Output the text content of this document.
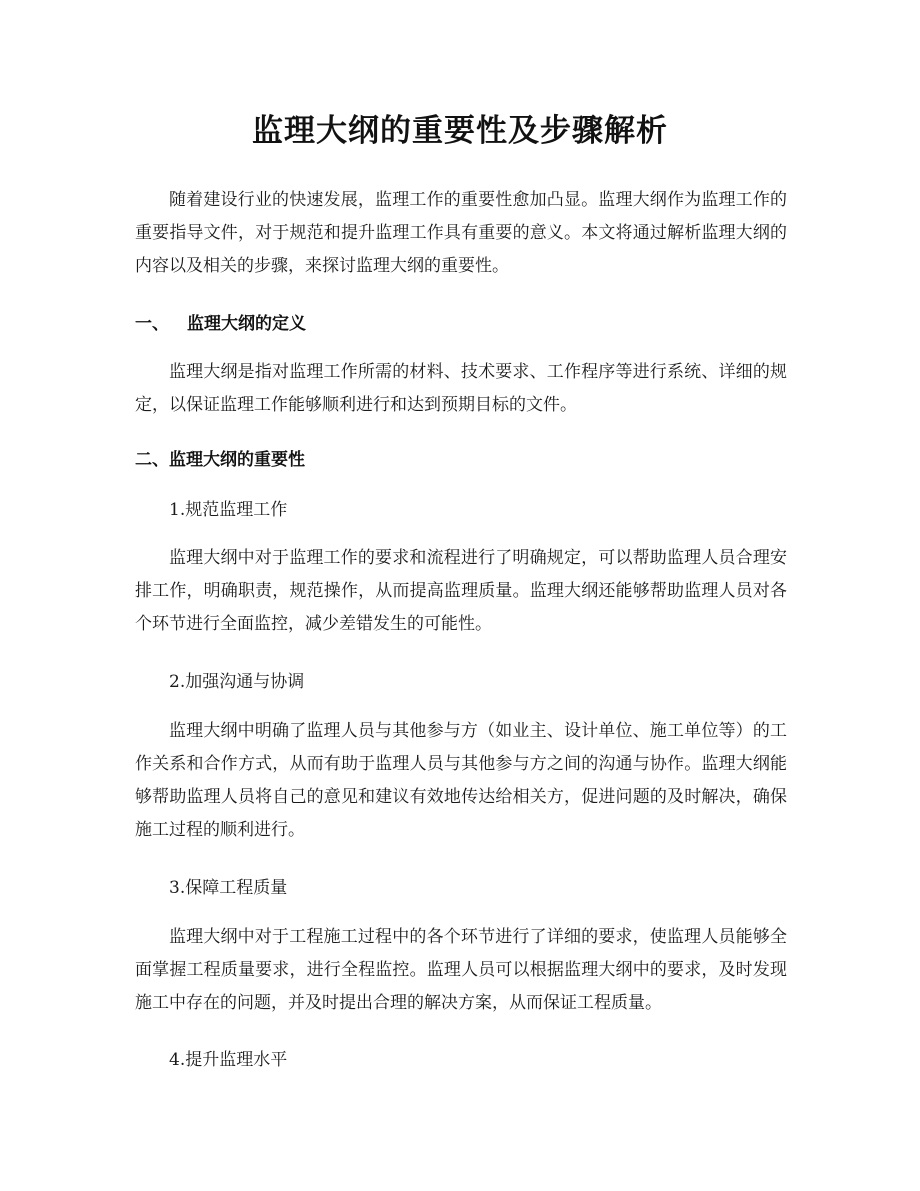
监理大纲的重要性及步骤解析
随着建设行业的快速发展，监理工作的重要性愈加凸显。监理大纲作为监理工作的重要指导文件，对于规范和提升监理工作具有重要的意义。本文将通过解析监理大纲的内容以及相关的步骤，来探讨监理大纲的重要性。
一、 监理大纲的定义
监理大纲是指对监理工作所需的材料、技术要求、工作程序等进行系统、详细的规定，以保证监理工作能够顺利进行和达到预期目标的文件。
二、监理大纲的重要性
1.规范监理工作
监理大纲中对于监理工作的要求和流程进行了明确规定，可以帮助监理人员合理安排工作，明确职责，规范操作，从而提高监理质量。监理大纲还能够帮助监理人员对各个环节进行全面监控，减少差错发生的可能性。
2.加强沟通与协调
监理大纲中明确了监理人员与其他参与方（如业主、设计单位、施工单位等）的工作关系和合作方式，从而有助于监理人员与其他参与方之间的沟通与协作。监理大纲能够帮助监理人员将自己的意见和建议有效地传达给相关方，促进问题的及时解决，确保施工过程的顺利进行。
3.保障工程质量
监理大纲中对于工程施工过程中的各个环节进行了详细的要求，使监理人员能够全面掌握工程质量要求，进行全程监控。监理人员可以根据监理大纲中的要求，及时发现施工中存在的问题，并及时提出合理的解决方案，从而保证工程质量。
4.提升监理水平
